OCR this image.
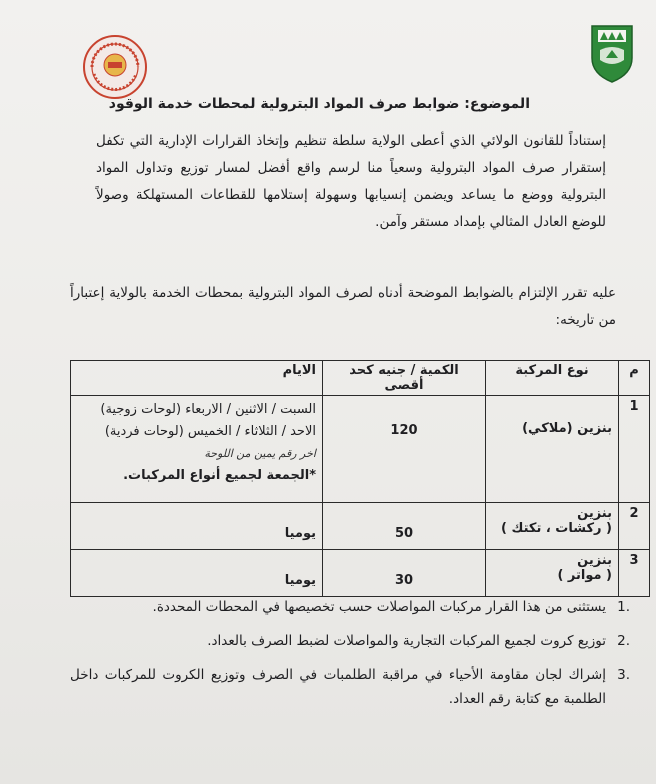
الموضوع: ضوابط صرف المواد البترولية لمحطات خدمة الوقود
إستناداً للقانون الولائي الذي أعطى الولاية سلطة تنظيم وإتخاذ القرارات الإدارية التي تكفل إستقرار صرف المواد البترولية وسعياً منا لرسم واقع أفضل لمسار توزيع وتداول المواد البترولية ووضع ما يساعد ويضمن إنسيابها وسهولة إستلامها للقطاعات المستهلكة وصولاً للوضع العادل المثالي بإمداد مستقر وآمن.
عليه تقرر الإلتزام بالضوابط الموضحة أدناه لصرف المواد البترولية بمحطات الخدمة بالولاية إعتباراً من تاريخه:
م	نوع المركبة	الكمية / جنيه كحد أقصى	الايام
1	بنزين (ملاكي)	120	السبت / الاثنين / الاربعاء (لوحات زوجية)
الاحد / الثلاثاء / الخميس (لوحات فردية)
اخر رقم يمين من اللوحة
*الجمعة لجميع أنواع المركبات.

2	بنزين
( ركشات ، تكتك )	50	يوميا

3	بنزين
( مواتر )	30	يوميا
.1
يستثنى من هذا القرار مركبات المواصلات حسب تخصيصها في المحطات المحددة.
.2
توزيع كروت لجميع المركبات التجارية والمواصلات لضبط الصرف بالعداد.
.3
إشراك لجان مقاومة الأحياء في مراقبة الطلمبات في الصرف وتوزيع الكروت للمركبات داخل الطلمبة مع كتابة رقم العداد.
